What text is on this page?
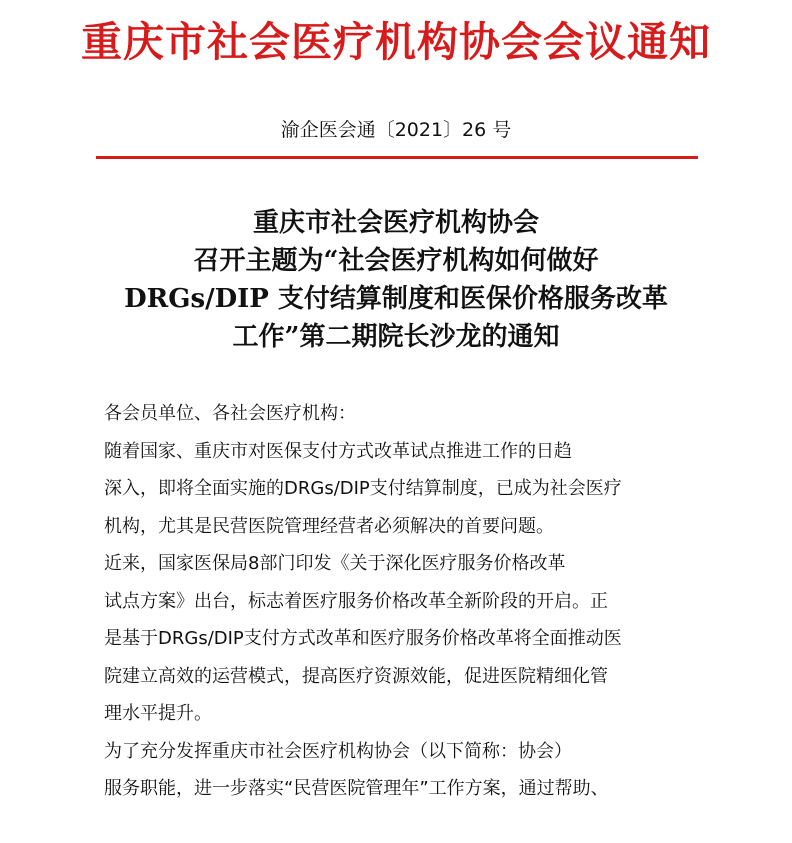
重庆市社会医疗机构协会会议通知
渝企医会通〔2021〕26 号
重庆市社会医疗机构协会
召开主题为“社会医疗机构如何做好
DRGs/DIP 支付结算制度和医保价格服务改革
工作”第二期院长沙龙的通知
各会员单位、各社会医疗机构：
随着国家、重庆市对医保支付方式改革试点推进工作的日趋
深入，即将全面实施的DRGs/DIP支付结算制度，已成为社会医疗
机构，尤其是民营医院管理经营者必须解决的首要问题。
近来，国家医保局8部门印发《关于深化医疗服务价格改革
试点方案》出台，标志着医疗服务价格改革全新阶段的开启。正
是基于DRGs/DIP支付方式改革和医疗服务价格改革将全面推动医
院建立高效的运营模式，提高医疗资源效能，促进医院精细化管
理水平提升。
为了充分发挥重庆市社会医疗机构协会（以下简称：协会）
服务职能，进一步落实“民营医院管理年”工作方案，通过帮助、
